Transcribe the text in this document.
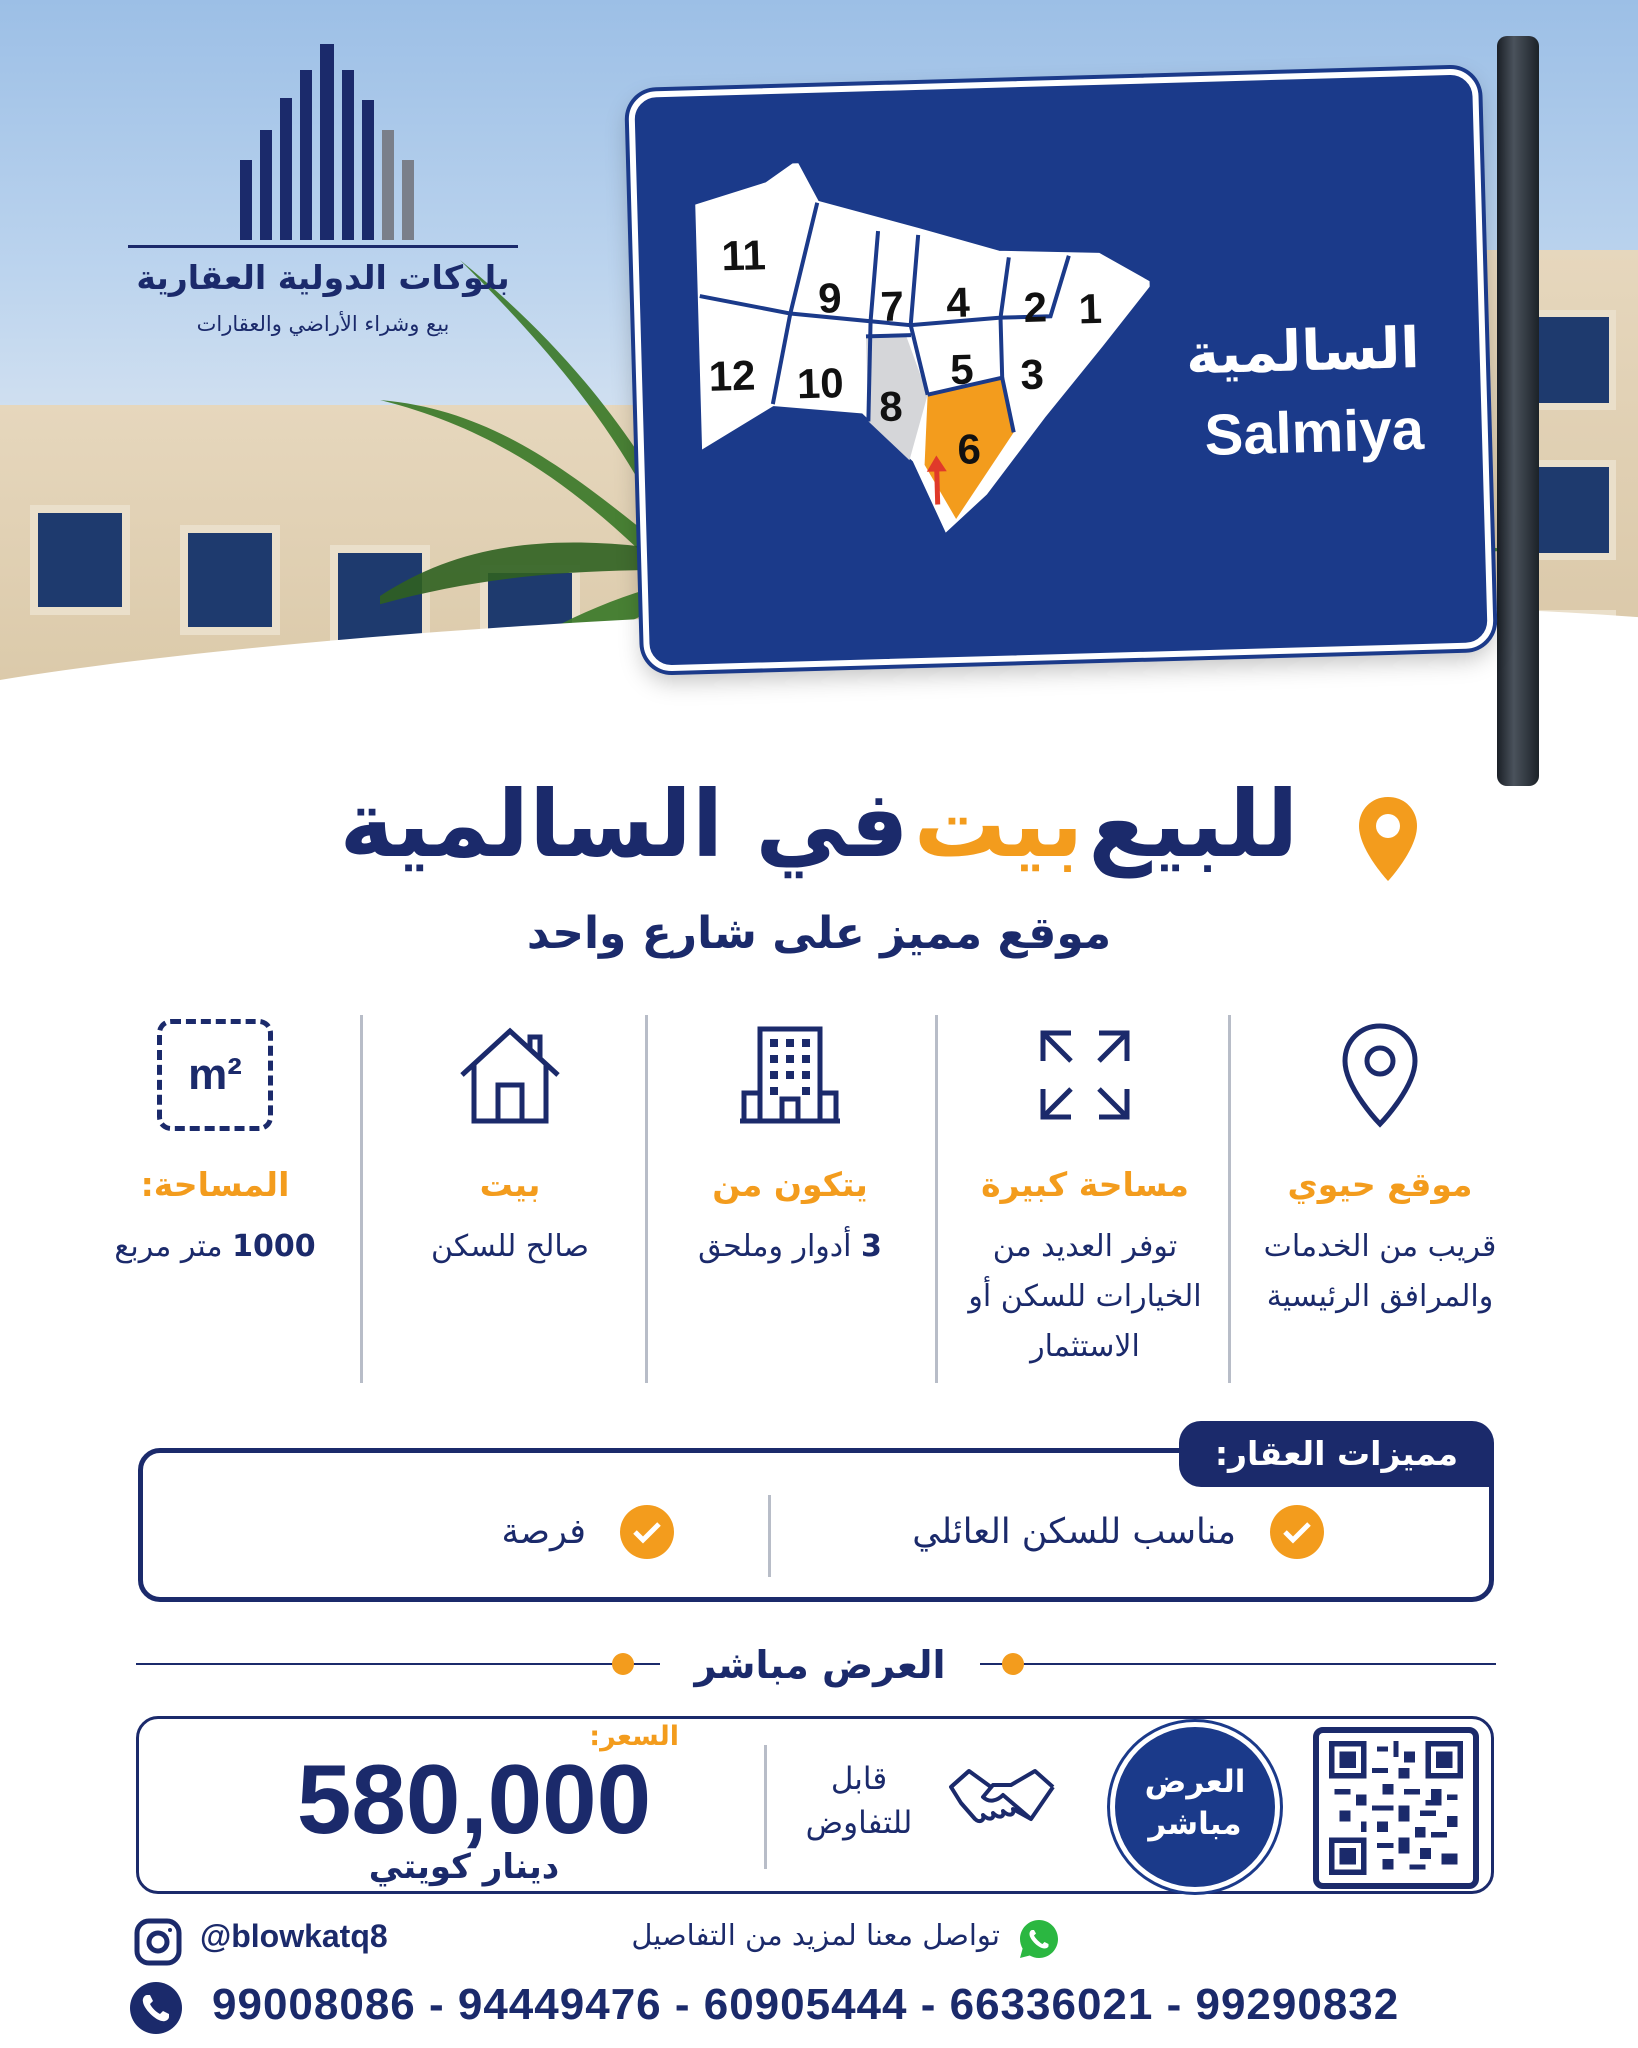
بلوكات الدولية العقارية
بيع وشراء الأراضي والعقارات
11
9 7 4 2 1
12 10 8
5 3
6
السالمية
Salmiya
للبيع بيت في السالمية
موقع مميز على شارع واحد
موقع حيوي
قريب من الخدمات والمرافق الرئيسية
مساحة كبيرة
توفر العديد من الخيارات للسكن أو الاستثمار
يتكون من
3 أدوار وملحق
بيت
صالح للسكن
m²
المساحة:
1000 متر مربع
مميزات العقار:
مناسب للسكن العائلي
فرصة
العرض مباشر
العرض
مباشر
قابل
للتفاوض
السعر:
580,000
دينار كويتي
@blowkatq8	تواصل معنا لمزيد من التفاصيل
99008086 - 94449476 - 60905444 - 66336021 - 99290832
